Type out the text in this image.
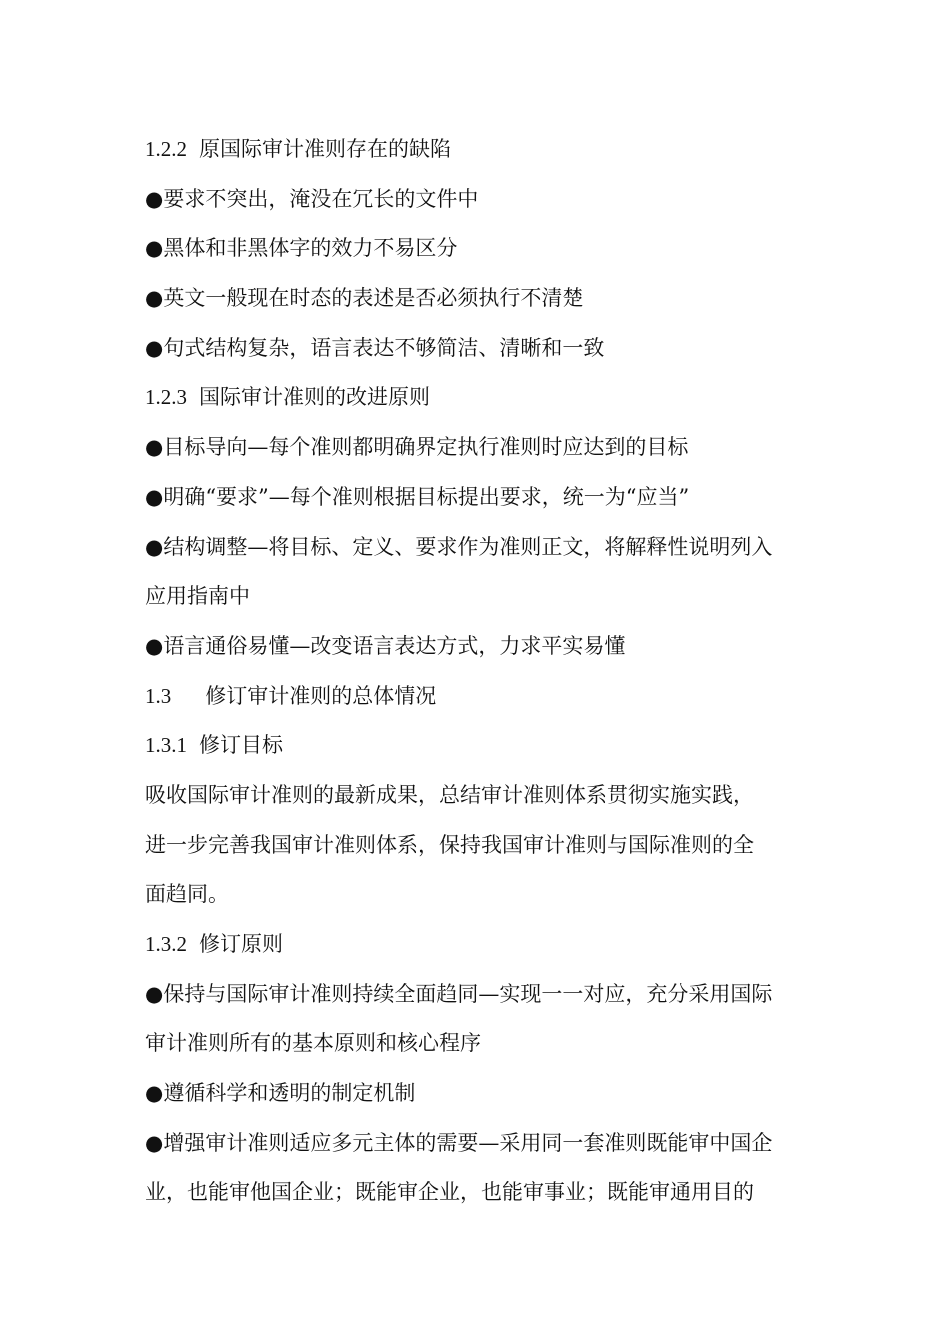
1.2.2 原国际审计准则存在的缺陷

●要求不突出，淹没在冗长的文件中

●黑体和非黑体字的效力不易区分

●英文一般现在时态的表述是否必须执行不清楚

●句式结构复杂，语言表达不够简洁、清晰和一致

1.2.3 国际审计准则的改进原则

●目标导向—每个准则都明确界定执行准则时应达到的目标

●明确“要求”—每个准则根据目标提出要求，统一为“应当”

●结构调整—将目标、定义、要求作为准则正文，将解释性说明列入

应用指南中

●语言通俗易懂—改变语言表达方式，力求平实易懂

1.3 修订审计准则的总体情况

1.3.1 修订目标

吸收国际审计准则的最新成果，总结审计准则体系贯彻实施实践，

进一步完善我国审计准则体系，保持我国审计准则与国际准则的全

面趋同。

1.3.2 修订原则

●保持与国际审计准则持续全面趋同—实现一一对应，充分采用国际

审计准则所有的基本原则和核心程序

●遵循科学和透明的制定机制

●增强审计准则适应多元主体的需要—采用同一套准则既能审中国企

业，也能审他国企业；既能审企业，也能审事业；既能审通用目的
